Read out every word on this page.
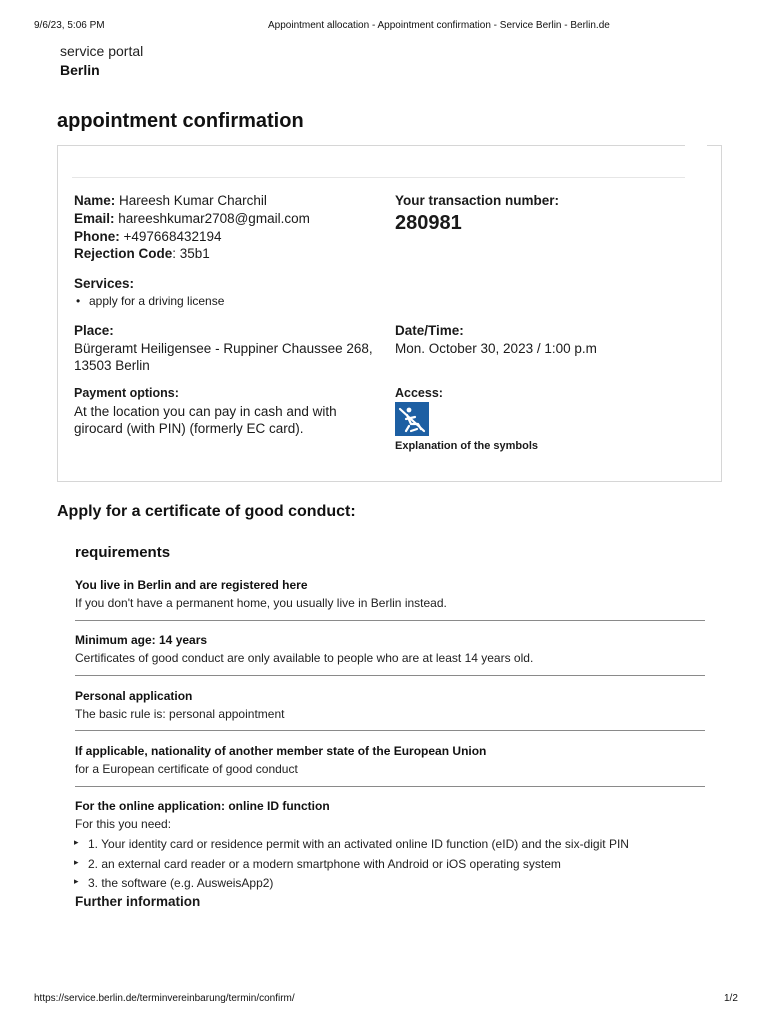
9/6/23, 5:06 PM	Appointment allocation - Appointment confirmation - Service Berlin - Berlin.de
service portal
Berlin
appointment confirmation
Name: Hareesh Kumar Charchil
Email: hareeshkumar2708@gmail.com
Phone: +497668432194
Rejection Code: 35b1
Your transaction number:
280981
Services:
• apply for a driving license
Place:
Bürgeramt Heiligensee - Ruppiner Chaussee 268,
13503 Berlin
Date/Time:
Mon. October 30, 2023 / 1:00 p.m
Payment options:
At the location you can pay in cash and with
girocard (with PIN) (formerly EC card).
Access:
Explanation of the symbols
Apply for a certificate of good conduct:
requirements
You live in Berlin and are registered here
If you don't have a permanent home, you usually live in Berlin instead.
Minimum age: 14 years
Certificates of good conduct are only available to people who are at least 14 years old.
Personal application
The basic rule is: personal appointment
If applicable, nationality of another member state of the European Union
for a European certificate of good conduct
For the online application: online ID function
For this you need:
▸ 1. Your identity card or residence permit with an activated online ID function (eID) and the six-digit PIN
▸ 2. an external card reader or a modern smartphone with Android or iOS operating system
▸ 3. the software (e.g. AusweisApp2)
Further information
https://service.berlin.de/terminvereinbarung/termin/confirm/	1/2
